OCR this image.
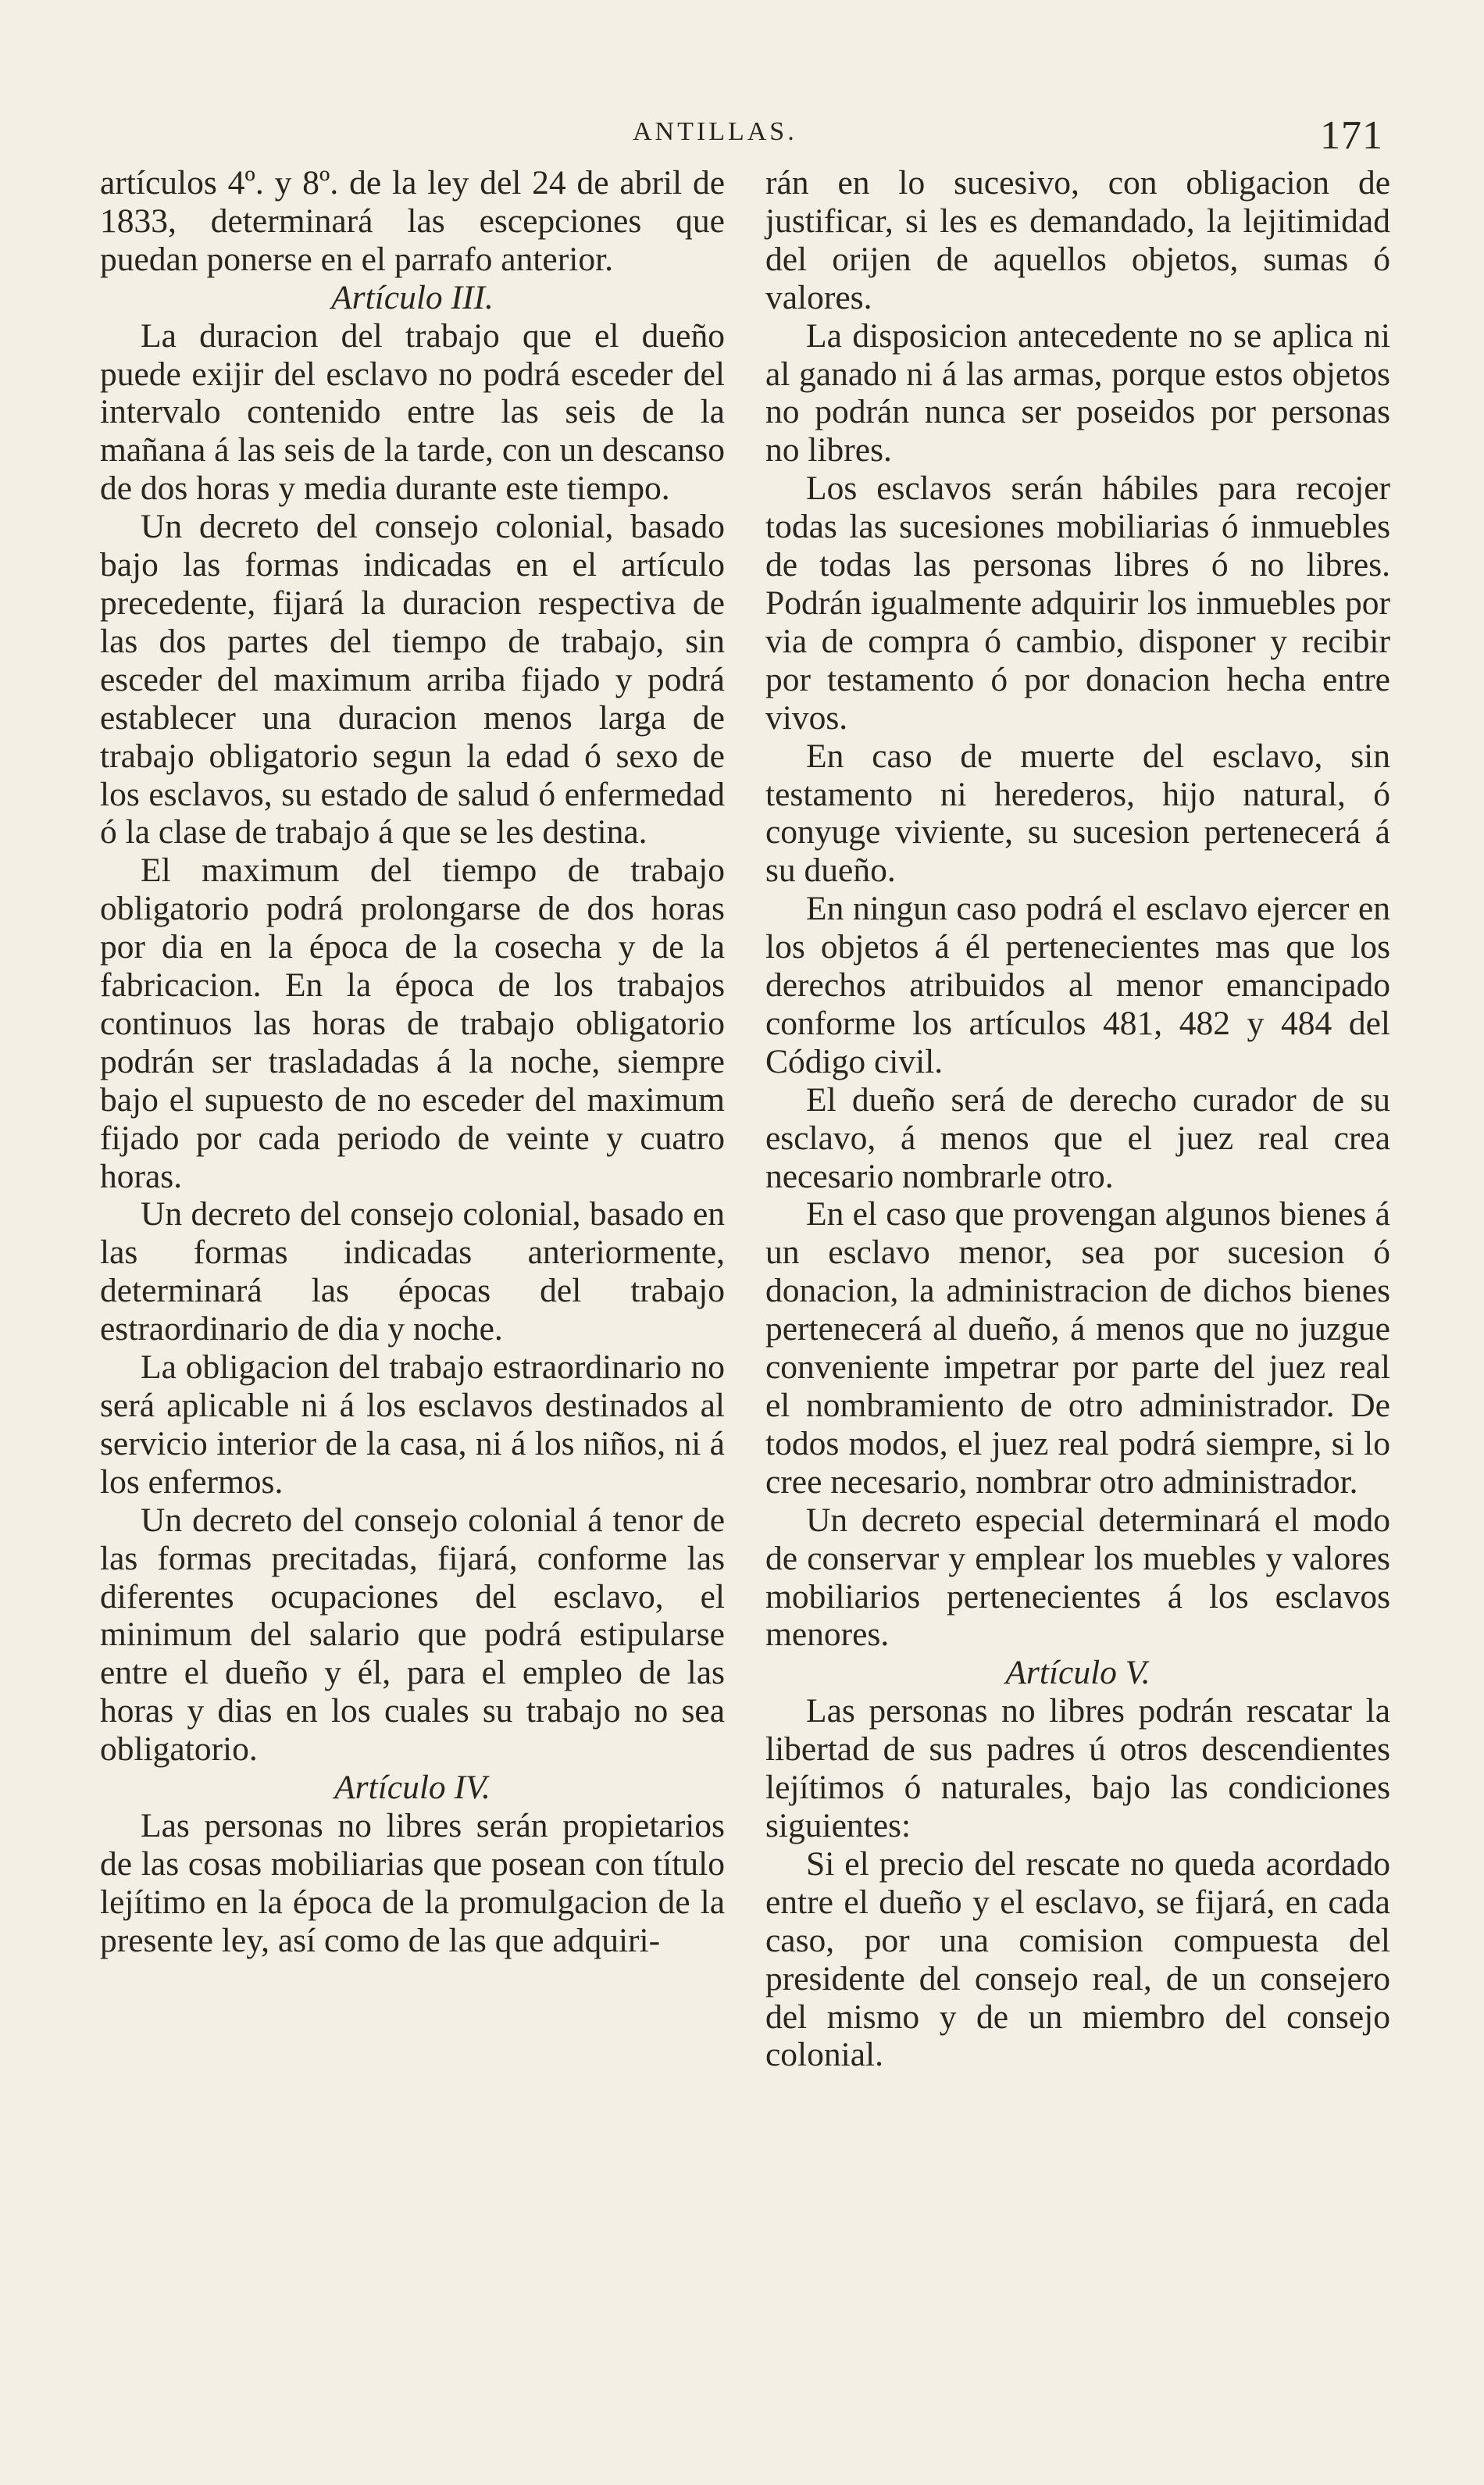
ANTILLAS.	171

artículos 4º. y 8º. de la ley del 24 de abril de 1833, determinará las escepciones que puedan ponerse en el parrafo anterior.

Artículo III.

La duracion del trabajo que el dueño puede exijir del esclavo no podrá esceder del intervalo contenido entre las seis de la mañana á las seis de la tarde, con un descanso de dos horas y media durante este tiempo.

Un decreto del consejo colonial, basado bajo las formas indicadas en el artículo precedente, fijará la duracion respectiva de las dos partes del tiempo de trabajo, sin esceder del maximum arriba fijado y podrá establecer una duracion menos larga de trabajo obligatorio segun la edad ó sexo de los esclavos, su estado de salud ó enfermedad ó la clase de trabajo á que se les destina.

El maximum del tiempo de trabajo obligatorio podrá prolongarse de dos horas por dia en la época de la cosecha y de la fabricacion. En la época de los trabajos continuos las horas de trabajo obligatorio podrán ser trasladadas á la noche, siempre bajo el supuesto de no esceder del maximum fijado por cada periodo de veinte y cuatro horas.

Un decreto del consejo colonial, basado en las formas indicadas anteriormente, determinará las épocas del trabajo estraordinario de dia y noche.

La obligacion del trabajo estraordinario no será aplicable ni á los esclavos destinados al servicio interior de la casa, ni á los niños, ni á los enfermos.

Un decreto del consejo colonial á tenor de las formas precitadas, fijará, conforme las diferentes ocupaciones del esclavo, el minimum del salario que podrá estipularse entre el dueño y él, para el empleo de las horas y dias en los cuales su trabajo no sea obligatorio.

Artículo IV.

Las personas no libres serán propietarios de las cosas mobiliarias que posean con título lejítimo en la época de la promulgacion de la presente ley, así como de las que adquiri-

rán en lo sucesivo, con obligacion de justificar, si les es demandado, la lejitimidad del orijen de aquellos objetos, sumas ó valores.

La disposicion antecedente no se aplica ni al ganado ni á las armas, porque estos objetos no podrán nunca ser poseidos por personas no libres.

Los esclavos serán hábiles para recojer todas las sucesiones mobiliarias ó inmuebles de todas las personas libres ó no libres. Podrán igualmente adquirir los inmuebles por via de compra ó cambio, disponer y recibir por testamento ó por donacion hecha entre vivos.

En caso de muerte del esclavo, sin testamento ni herederos, hijo natural, ó conyuge viviente, su sucesion pertenecerá á su dueño.

En ningun caso podrá el esclavo ejercer en los objetos á él pertenecientes mas que los derechos atribuidos al menor emancipado conforme los artículos 481, 482 y 484 del Código civil.

El dueño será de derecho curador de su esclavo, á menos que el juez real crea necesario nombrarle otro.

En el caso que provengan algunos bienes á un esclavo menor, sea por sucesion ó donacion, la administracion de dichos bienes pertenecerá al dueño, á menos que no juzgue conveniente impetrar por parte del juez real el nombramiento de otro administrador. De todos modos, el juez real podrá siempre, si lo cree necesario, nombrar otro administrador.

Un decreto especial determinará el modo de conservar y emplear los muebles y valores mobiliarios pertenecientes á los esclavos menores.

Artículo V.

Las personas no libres podrán rescatar la libertad de sus padres ú otros descendientes lejítimos ó naturales, bajo las condiciones siguientes:

Si el precio del rescate no queda acordado entre el dueño y el esclavo, se fijará, en cada caso, por una comision compuesta del presidente del consejo real, de un consejero del mismo y de un miembro del consejo colonial.
